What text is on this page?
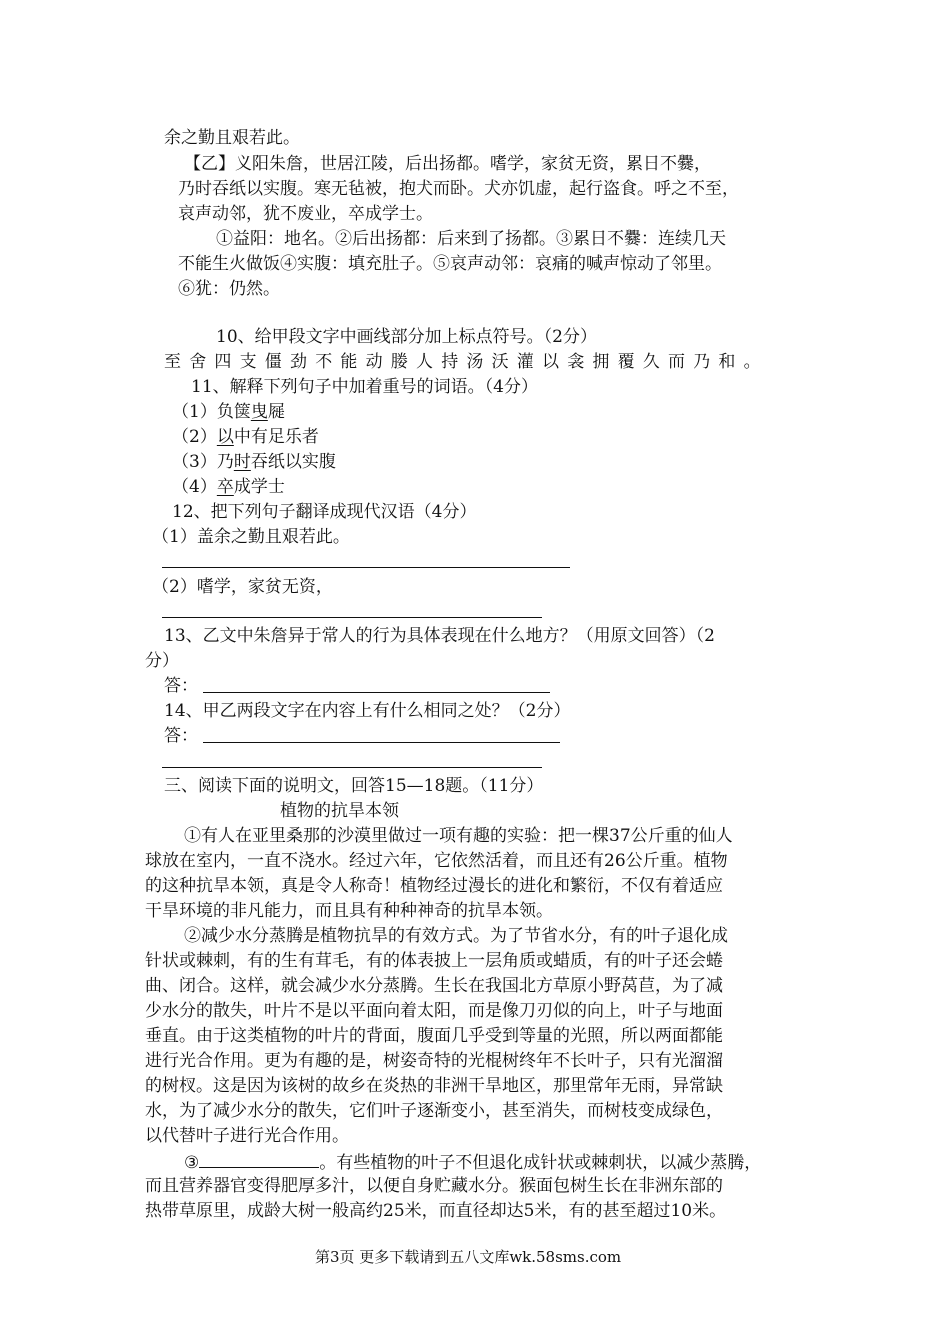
余之勤且艰若此。
【乙】义阳朱詹，世居江陵，后出扬都。嗜学，家贫无资，累日不爨，
乃时吞纸以实腹。寒无毡被，抱犬而卧。犬亦饥虚，起行盗食。呼之不至，
哀声动邻，犹不废业，卒成学士。
①益阳：地名。②后出扬都：后来到了扬都。③累日不爨：连续几天
不能生火做饭④实腹：填充肚子。⑤哀声动邻：哀痛的喊声惊动了邻里。
⑥犹：仍然。
10、给甲段文字中画线部分加上标点符号。（2分）
至舍四支僵劲不能动媵人持汤沃灌以衾拥覆久而乃和。
11、解释下列句子中加着重号的词语。（4分）
（1）负箧曳屣
（2）以中有足乐者
（3）乃时吞纸以实腹
（4）卒成学士
12、把下列句子翻译成现代汉语（4分）
（1）盖余之勤且艰若此。
（2）嗜学，家贫无资，
13、乙文中朱詹异于常人的行为具体表现在什么地方？（用原文回答）（2
分）
答：
14、甲乙两段文字在内容上有什么相同之处？（2分）
答：
三、阅读下面的说明文，回答15—18题。（11分）
植物的抗旱本领
①有人在亚里桑那的沙漠里做过一项有趣的实验：把一棵37公斤重的仙人
球放在室内，一直不浇水。经过六年，它依然活着，而且还有26公斤重。植物
的这种抗旱本领，真是令人称奇！植物经过漫长的进化和繁衍，不仅有着适应
干旱环境的非凡能力，而且具有种种神奇的抗旱本领。
②减少水分蒸腾是植物抗旱的有效方式。为了节省水分，有的叶子退化成
针状或棘刺，有的生有茸毛，有的体表披上一层角质或蜡质，有的叶子还会蜷
曲、闭合。这样，就会减少水分蒸腾。生长在我国北方草原小野莴苣，为了减
少水分的散失，叶片不是以平面向着太阳，而是像刀刃似的向上，叶子与地面
垂直。由于这类植物的叶片的背面，腹面几乎受到等量的光照，所以两面都能
进行光合作用。更为有趣的是，树姿奇特的光棍树终年不长叶子，只有光溜溜
的树杈。这是因为该树的故乡在炎热的非洲干旱地区，那里常年无雨，异常缺
水，为了减少水分的散失，它们叶子逐渐变小，甚至消失，而树枝变成绿色，
以代替叶子进行光合作用。
③	。有些植物的叶子不但退化成针状或棘刺状，以减少蒸腾，
而且营养器官变得肥厚多汁，以便自身贮藏水分。猴面包树生长在非洲东部的
热带草原里，成龄大树一般高约25米，而直径却达5米，有的甚至超过10米。
第3页 更多下载请到五八文库wk.58sms.com
